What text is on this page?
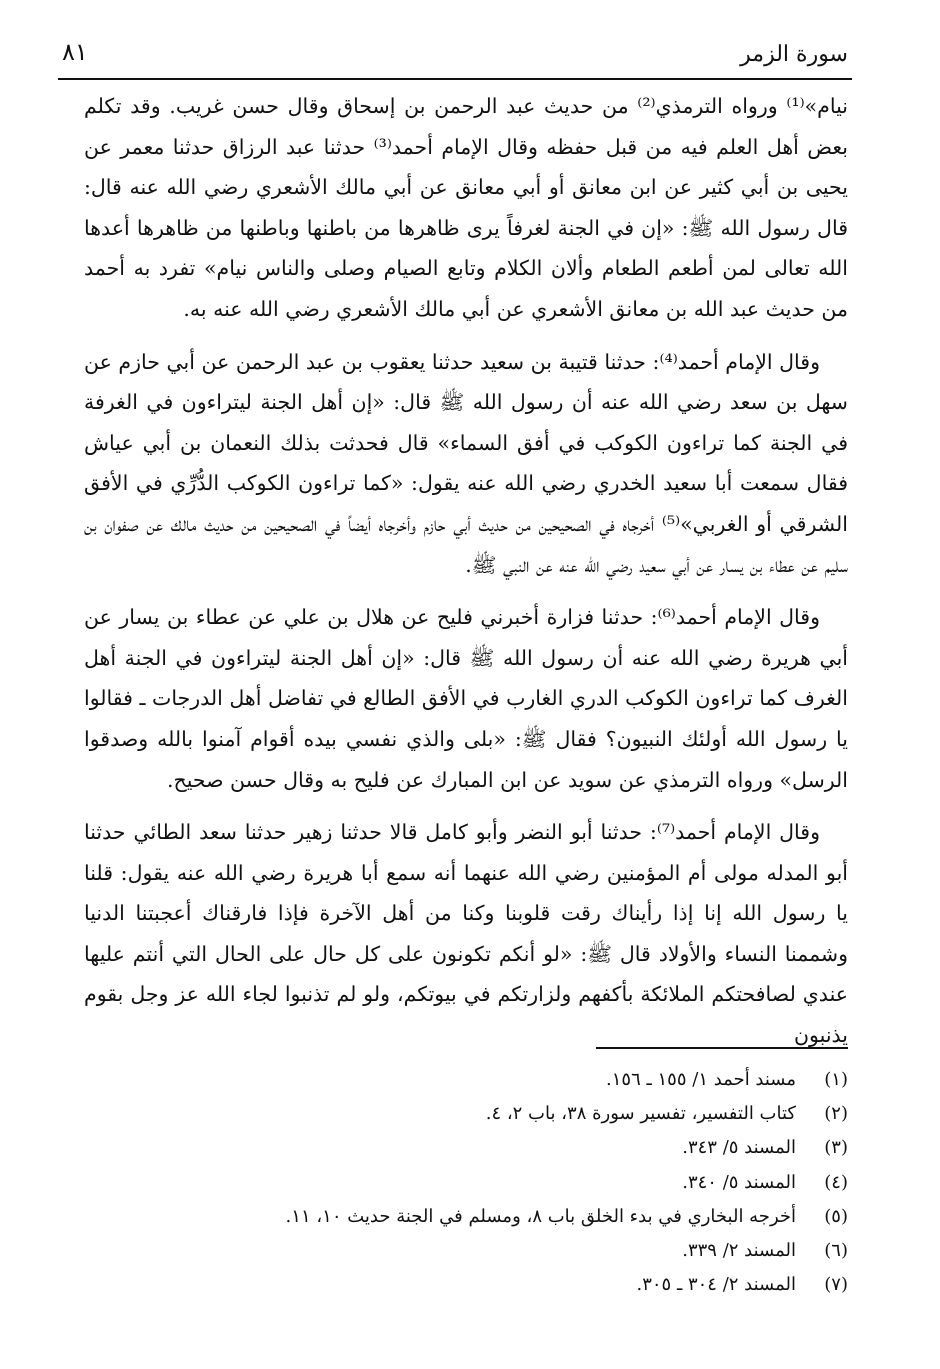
٨١	سورة الزمر

نيام»⁽¹⁾ ورواه الترمذي⁽²⁾ من حديث عبد الرحمن بن إسحاق وقال حسن غريب. وقد تكلم بعض أهل العلم فيه من قبل حفظه وقال الإمام أحمد⁽³⁾ حدثنا عبد الرزاق حدثنا معمر عن يحيى بن أبي كثير عن ابن معانق أو أبي معانق عن أبي مالك الأشعري رضي الله عنه قال: قال رسول الله ﷺ: «إن في الجنة لغرفاً يرى ظاهرها من باطنها وباطنها من ظاهرها أعدها الله تعالى لمن أطعم الطعام وألان الكلام وتابع الصيام وصلى والناس نيام» تفرد به أحمد من حديث عبد الله بن معانق الأشعري عن أبي مالك الأشعري رضي الله عنه به.

وقال الإمام أحمد⁽⁴⁾: حدثنا قتيبة بن سعيد حدثنا يعقوب بن عبد الرحمن عن أبي حازم عن سهل بن سعد رضي الله عنه أن رسول الله ﷺ قال: «إن أهل الجنة ليتراءون في الغرفة في الجنة كما تراءون الكوكب في أفق السماء» قال فحدثت بذلك النعمان بن أبي عياش فقال سمعت أبا سعيد الخدري رضي الله عنه يقول: «كما تراءون الكوكب الدُّرِّي في الأفق الشرقي أو الغربي»⁽⁵⁾ أخرجاه في الصحيحين من حديث أبي حازم وأخرجاه أيضاً في الصحيحين من حديث مالك عن صفوان بن سليم عن عطاء بن يسار عن أبي سعيد رضي الله عنه عن النبي ﷺ.

وقال الإمام أحمد⁽⁶⁾: حدثنا فزارة أخبرني فليح عن هلال بن علي عن عطاء بن يسار عن أبي هريرة رضي الله عنه أن رسول الله ﷺ قال: «إن أهل الجنة ليتراءون في الجنة أهل الغرف كما تراءون الكوكب الدري الغارب في الأفق الطالع في تفاضل أهل الدرجات ـ فقالوا يا رسول الله أولئك النبيون؟ فقال ﷺ: «بلى والذي نفسي بيده أقوام آمنوا بالله وصدقوا الرسل» ورواه الترمذي عن سويد عن ابن المبارك عن فليح به وقال حسن صحيح.

وقال الإمام أحمد⁽⁷⁾: حدثنا أبو النضر وأبو كامل قالا حدثنا زهير حدثنا سعد الطائي حدثنا أبو المدله مولى أم المؤمنين رضي الله عنهما أنه سمع أبا هريرة رضي الله عنه يقول: قلنا يا رسول الله إنا إذا رأيناك رقت قلوبنا وكنا من أهل الآخرة فإذا فارقناك أعجبتنا الدنيا وشممنا النساء والأولاد قال ﷺ: «لو أنكم تكونون على كل حال على الحال التي أنتم عليها عندي لصافحتكم الملائكة بأكفهم ولزارتكم في بيوتكم، ولو لم تذنبوا لجاء الله عز وجل بقوم يذنبون

(١)
مسند أحمد ١/ ١٥٥ ـ ١٥٦.
(٢)
كتاب التفسير، تفسير سورة ٣٨، باب ٢، ٤.
(٣)
المسند ٥/ ٣٤٣.
(٤)
المسند ٥/ ٣٤٠.
(٥)
أخرجه البخاري في بدء الخلق باب ٨، ومسلم في الجنة حديث ١٠، ١١.
(٦)
المسند ٢/ ٣٣٩.
(٧)
المسند ٢/ ٣٠٤ ـ ٣٠٥.
